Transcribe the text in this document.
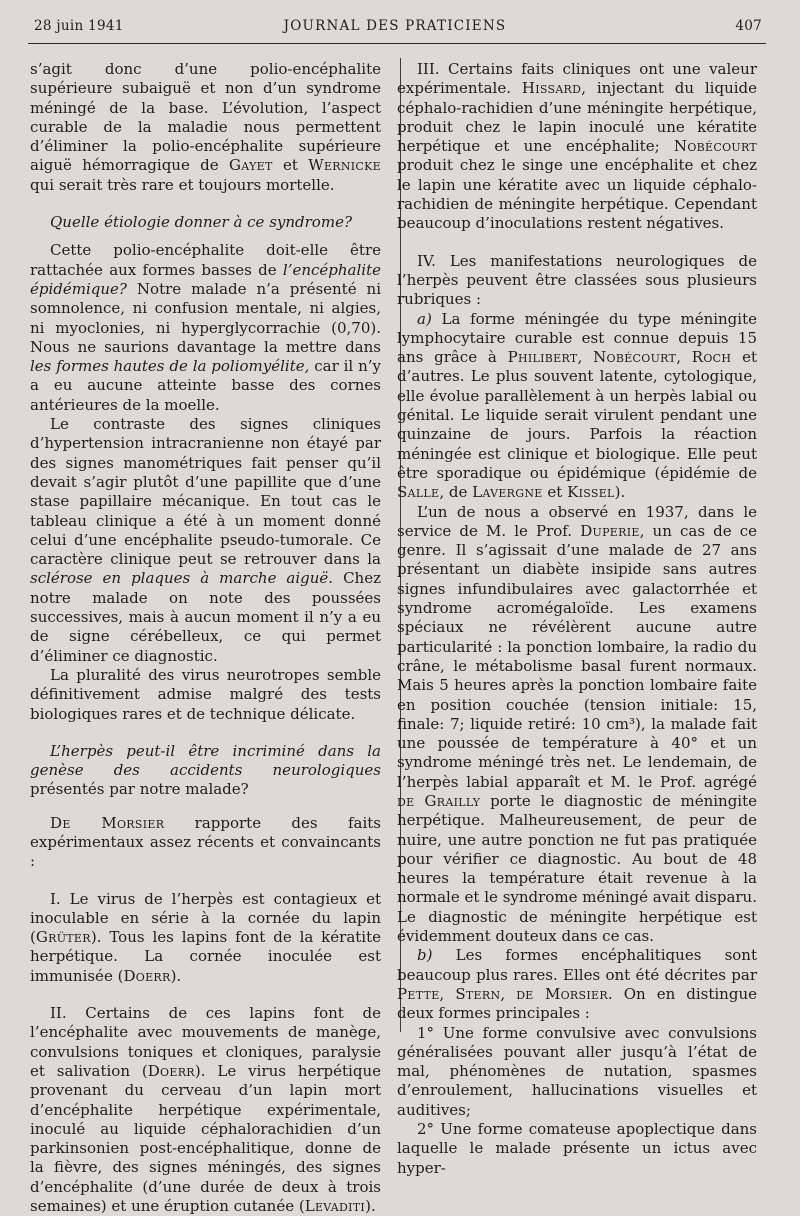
28 juin 1941	JOURNAL DES PRATICIENS	407

s’agit donc d’une polio-encéphalite supérieure subaiguë et non d’un syndrome méningé de la base. L’évolution, l’aspect curable de la maladie nous permettent d’éliminer la polio-encéphalite supérieure aiguë hémorragique de Gayet et Wernicke qui serait très rare et toujours mortelle.

Quelle étiologie donner à ce syndrome?

Cette polio-encéphalite doit-elle être rattachée aux formes basses de l’encéphalite épidémique? Notre malade n’a présenté ni somnolence, ni confusion mentale, ni algies, ni myoclonies, ni hyperglycorrachie (0,70). Nous ne saurions davantage la mettre dans les formes hautes de la poliomyélite, car il n’y a eu aucune atteinte basse des cornes antérieures de la moelle.

Le contraste des signes cliniques d’hypertension intracranienne non étayé par des signes manométriques fait penser qu’il devait s’agir plutôt d’une papillite que d’une stase papillaire mécanique. En tout cas le tableau clinique a été à un moment donné celui d’une encéphalite pseudo-tumorale. Ce caractère clinique peut se retrouver dans la sclérose en plaques à marche aiguë. Chez notre malade on note des poussées successives, mais à aucun moment il n’y a eu de signe cérébelleux, ce qui permet d’éliminer ce diagnostic.

La pluralité des virus neurotropes semble définitivement admise malgré des tests biologiques rares et de technique délicate.

L’herpès peut-il être incriminé dans la genèse des accidents neurologiques présentés par notre malade?

De Morsier rapporte des faits expérimentaux assez récents et convaincants :

I. Le virus de l’herpès est contagieux et inoculable en série à la cornée du lapin (Grüter). Tous les lapins font de la kératite herpétique. La cornée inoculée est immunisée (Doerr).

II. Certains de ces lapins font de l’encéphalite avec mouvements de manège, convulsions toniques et cloniques, paralysie et salivation (Doerr). Le virus herpétique provenant du cerveau d’un lapin mort d’encéphalite herpétique expérimentale, inoculé au liquide céphalorachidien d’un parkinsonien post-encéphalitique, donne de la fièvre, des signes méningés, des signes d’encéphalite (d’une durée de deux à trois semaines) et une éruption cutanée (Levaditi).

III. Certains faits cliniques ont une valeur expérimentale. Hissard, injectant du liquide céphalo-rachidien d’une méningite herpétique, produit chez le lapin inoculé une kératite herpétique et une encéphalite; Nobécourt produit chez le singe une encéphalite et chez le lapin une kératite avec un liquide céphalo-rachidien de méningite herpétique. Cependant beaucoup d’inoculations restent négatives.

IV. Les manifestations neurologiques de l’herpès peuvent être classées sous plusieurs rubriques :

a) La forme méningée du type méningite lymphocytaire curable est connue depuis 15 ans grâce à Philibert, Nobécourt, Roch et d’autres. Le plus souvent latente, cytologique, elle évolue parallèlement à un herpès labial ou génital. Le liquide serait virulent pendant une quinzaine de jours. Parfois la réaction méningée est clinique et biologique. Elle peut être sporadique ou épidémique (épidémie de Salle, de Lavergne et Kissel).

L’un de nous a observé en 1937, dans le service de M. le Prof. Duperie, un cas de ce genre. Il s’agissait d’une malade de 27 ans présentant un diabète insipide sans autres signes infundibulaires avec galactorrhée et syndrome acromégaloïde. Les examens spéciaux ne révélèrent aucune autre particularité : la ponction lombaire, la radio du crâne, le métabolisme basal furent normaux. Mais 5 heures après la ponction lombaire faite en position couchée (tension initiale: 15, finale: 7; liquide retiré: 10 cm³), la malade fait une poussée de température à 40° et un syndrome méningé très net. Le lendemain, de l’herpès labial apparaît et M. le Prof. agrégé de Grailly porte le diagnostic de méningite herpétique. Malheureusement, de peur de nuire, une autre ponction ne fut pas pratiquée pour vérifier ce diagnostic. Au bout de 48 heures la température était revenue à la normale et le syndrome méningé avait disparu. Le diagnostic de méningite herpétique est évidemment douteux dans ce cas.

b) Les formes encéphalitiques sont beaucoup plus rares. Elles ont été décrites par Pette, Stern, de Morsier. On en distingue deux formes principales :

1° Une forme convulsive avec convulsions généralisées pouvant aller jusqu’à l’état de mal, phénomènes de nutation, spasmes d’enroulement, hallucinations visuelles et auditives;

2° Une forme comateuse apoplectique dans laquelle le malade présente un ictus avec hyper-
